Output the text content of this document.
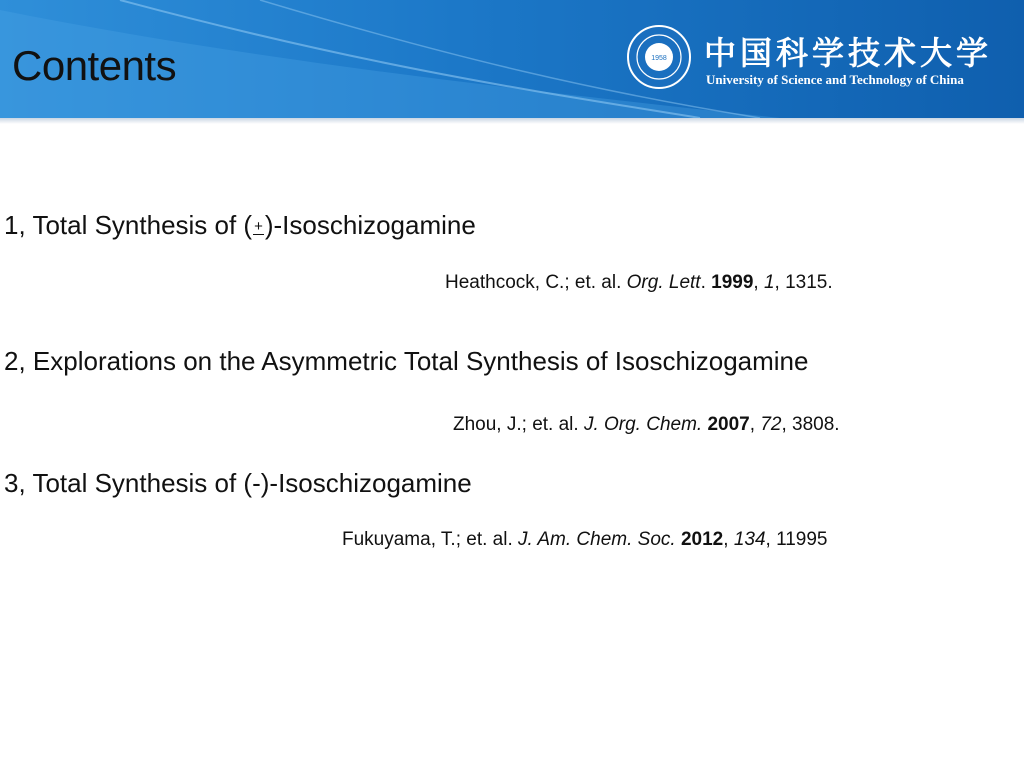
Contents	1958 中国科学技术大学
University of Science and Technology of China
1, Total Synthesis of ( +)-Isoschizogamine
Heathcock, C.; et. al. Org. Lett. 1999, 1, 1315.
2, Explorations on the Asymmetric Total Synthesis of Isoschizogamine
Zhou, J.; et. al. J. Org. Chem. 2007, 72, 3808.
3, Total Synthesis of (-)-Isoschizogamine
Fukuyama, T.; et. al. J. Am. Chem. Soc. 2012, 134, 11995
